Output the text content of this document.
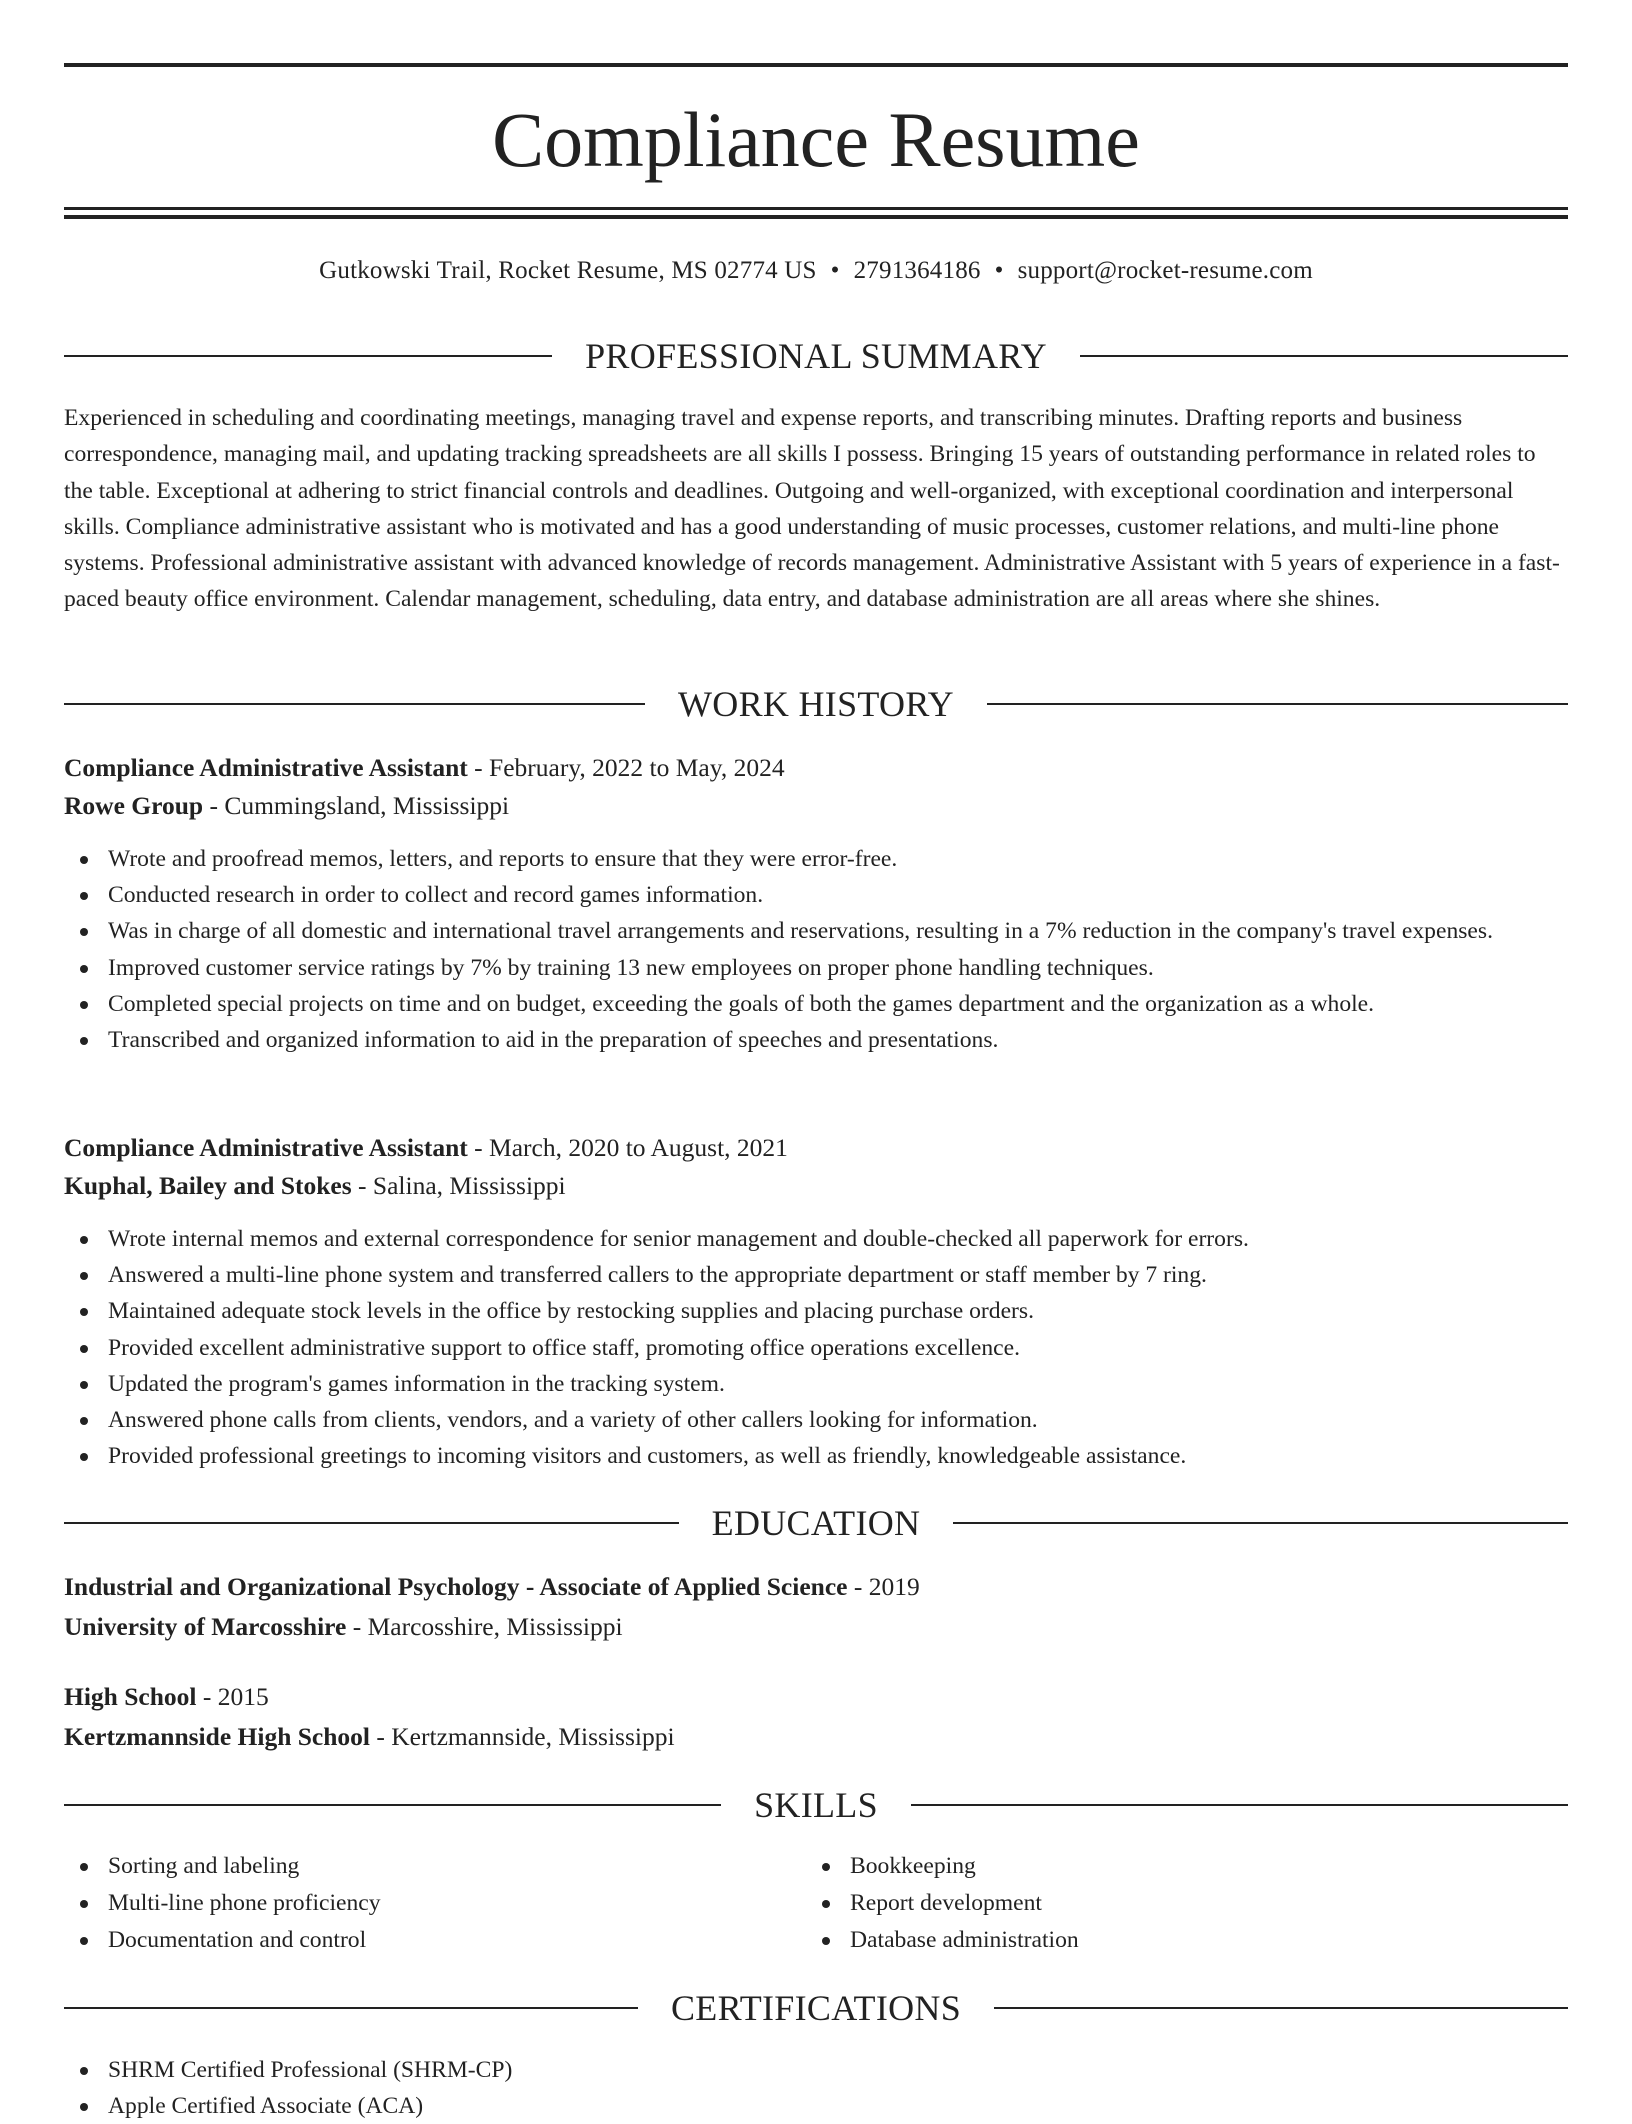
Compliance Resume
Gutkowski Trail, Rocket Resume, MS 02774 US • 2791364186 • support@rocket-resume.com
PROFESSIONAL SUMMARY

Experienced in scheduling and coordinating meetings, managing travel and expense reports, and transcribing minutes. Drafting reports and business correspondence, managing mail, and updating tracking spreadsheets are all skills I possess. Bringing 15 years of outstanding performance in related roles to the table. Exceptional at adhering to strict financial controls and deadlines. Outgoing and well-organized, with exceptional coordination and interpersonal skills. Compliance administrative assistant who is motivated and has a good understanding of music processes, customer relations, and multi-line phone systems. Professional administrative assistant with advanced knowledge of records management. Administrative Assistant with 5 years of experience in a fast-paced beauty office environment. Calendar management, scheduling, data entry, and database administration are all areas where she shines.

WORK HISTORY
Compliance Administrative Assistant - February, 2022 to May, 2024
Rowe Group - Cummingsland, Mississippi
Wrote and proofread memos, letters, and reports to ensure that they were error-free.
Conducted research in order to collect and record games information.
Was in charge of all domestic and international travel arrangements and reservations, resulting in a 7% reduction in the company's travel expenses.
Improved customer service ratings by 7% by training 13 new employees on proper phone handling techniques.
Completed special projects on time and on budget, exceeding the goals of both the games department and the organization as a whole.
Transcribed and organized information to aid in the preparation of speeches and presentations.
Compliance Administrative Assistant - March, 2020 to August, 2021
Kuphal, Bailey and Stokes - Salina, Mississippi
Wrote internal memos and external correspondence for senior management and double-checked all paperwork for errors.
Answered a multi-line phone system and transferred callers to the appropriate department or staff member by 7 ring.
Maintained adequate stock levels in the office by restocking supplies and placing purchase orders.
Provided excellent administrative support to office staff, promoting office operations excellence.
Updated the program's games information in the tracking system.
Answered phone calls from clients, vendors, and a variety of other callers looking for information.
Provided professional greetings to incoming visitors and customers, as well as friendly, knowledgeable assistance.
EDUCATION
Industrial and Organizational Psychology - Associate of Applied Science - 2019
University of Marcosshire - Marcosshire, Mississippi
High School - 2015
Kertzmannside High School - Kertzmannside, Mississippi
SKILLS
Sorting and labeling
Multi-line phone proficiency
Documentation and control
Bookkeeping
Report development
Database administration
CERTIFICATIONS
SHRM Certified Professional (SHRM-CP)
Apple Certified Associate (ACA)
